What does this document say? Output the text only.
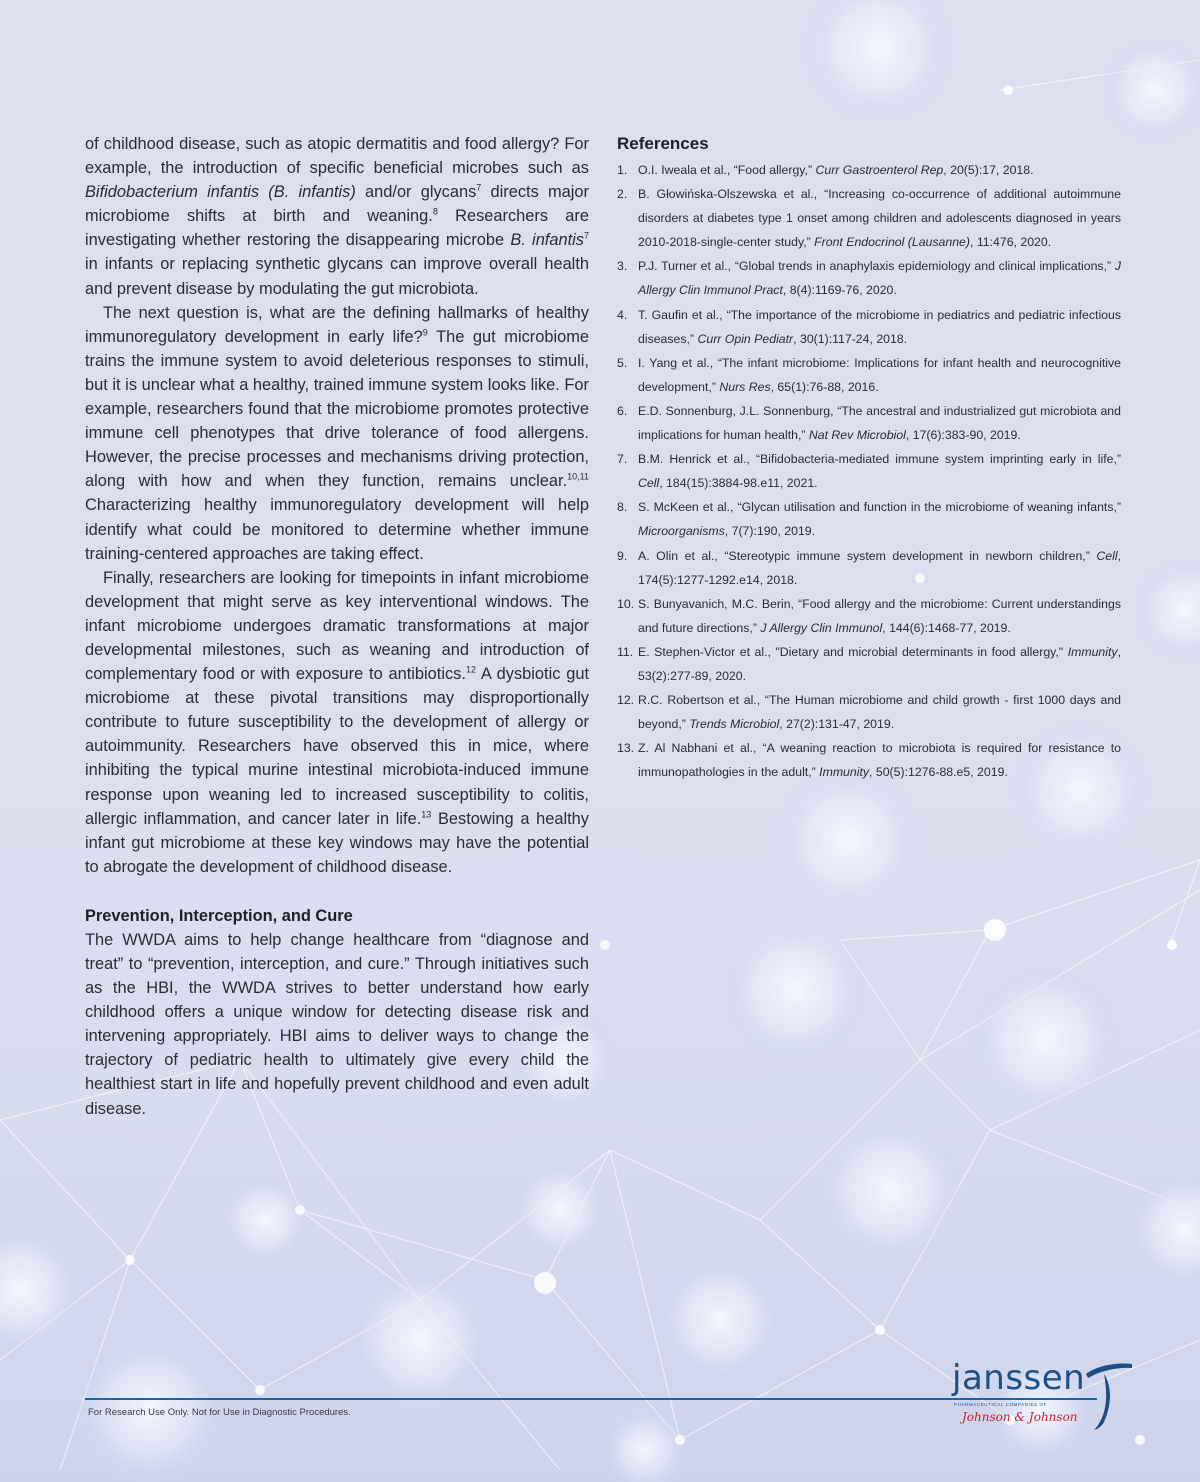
of childhood disease, such as atopic dermatitis and food allergy? For example, the introduction of specific beneficial microbes such as Bifidobacterium infantis (B. infantis) and/or glycans$^7$ directs major microbiome shifts at birth and weaning.$^8$ Researchers are investigating whether restoring the disappearing microbe B. infantis$^7$ in infants or replacing synthetic glycans can improve overall health and prevent disease by modulating the gut microbiota.

The next question is, what are the defining hallmarks of healthy immunoregulatory development in early life?$^9$ The gut microbiome trains the immune system to avoid deleterious responses to stimuli, but it is unclear what a healthy, trained immune system looks like. For example, researchers found that the microbiome promotes protective immune cell phenotypes that drive tolerance of food allergens. However, the precise processes and mechanisms driving protection, along with how and when they function, remains unclear.$^{10,11}$ Characterizing healthy immunoregulatory development will help identify what could be monitored to determine whether immune training-centered approaches are taking effect.

Finally, researchers are looking for timepoints in infant microbiome development that might serve as key interventional windows. The infant microbiome undergoes dramatic transformations at major developmental milestones, such as weaning and introduction of complementary food or with exposure to antibiotics.$^{12}$ A dysbiotic gut microbiome at these pivotal transitions may disproportionally contribute to future susceptibility to the development of allergy or autoimmunity. Researchers have observed this in mice, where inhibiting the typical murine intestinal microbiota-induced immune response upon weaning led to increased susceptibility to colitis, allergic inflammation, and cancer later in life.$^{13}$ Bestowing a healthy infant gut microbiome at these key windows may have the potential to abrogate the development of childhood disease.

Prevention, Interception, and Cure

The WWDA aims to help change healthcare from “diagnose and treat” to “prevention, interception, and cure.” Through initiatives such as the HBI, the WWDA strives to better understand how early childhood offers a unique window for detecting disease risk and intervening appropriately. HBI aims to deliver ways to change the trajectory of pediatric health to ultimately give every child the healthiest start in life and hopefully prevent childhood and even adult disease.

References
1. O.I. Iweala et al., “Food allergy,” Curr Gastroenterol Rep, 20(5):17, 2018.
2. B. Głowińska-Olszewska et al., “Increasing co-occurrence of additional autoimmune disorders at diabetes type 1 onset among children and adolescents diagnosed in years 2010-2018-single-center study,” Front Endocrinol (Lausanne), 11:476, 2020.
3. P.J. Turner et al., “Global trends in anaphylaxis epidemiology and clinical implications,” J Allergy Clin Immunol Pract, 8(4):1169-76, 2020.
4. T. Gaufin et al., “The importance of the microbiome in pediatrics and pediatric infectious diseases,” Curr Opin Pediatr, 30(1):117-24, 2018.
5. I. Yang et al., “The infant microbiome: Implications for infant health and neurocognitive development,” Nurs Res, 65(1):76-88, 2016.
6. E.D. Sonnenburg, J.L. Sonnenburg, “The ancestral and industrialized gut microbiota and implications for human health,” Nat Rev Microbiol, 17(6):383-90, 2019.
7. B.M. Henrick et al., “Bifidobacteria-mediated immune system imprinting early in life,” Cell, 184(15):3884-98.e11, 2021.
8. S. McKeen et al., “Glycan utilisation and function in the microbiome of weaning infants,” Microorganisms, 7(7):190, 2019.
9. A. Olin et al., “Stereotypic immune system development in newborn children,” Cell, 174(5):1277-1292.e14, 2018.
10. S. Bunyavanich, M.C. Berin, “Food allergy and the microbiome: Current understandings and future directions,” J Allergy Clin Immunol, 144(6):1468-77, 2019.
11. E. Stephen-Victor et al., "Dietary and microbial determinants in food allergy," Immunity, 53(2):277-89, 2020.
12. R.C. Robertson et al., “The Human microbiome and child growth - first 1000 days and beyond,” Trends Microbiol, 27(2):131-47, 2019.
13. Z. Al Nabhani et al., “A weaning reaction to microbiota is required for resistance to immunopathologies in the adult,” Immunity, 50(5):1276-88.e5, 2019.
For Research Use Only. Not for Use in Diagnostic Procedures.
janssen
PHARMACEUTICAL COMPANIES OF
Johnson & Johnson
